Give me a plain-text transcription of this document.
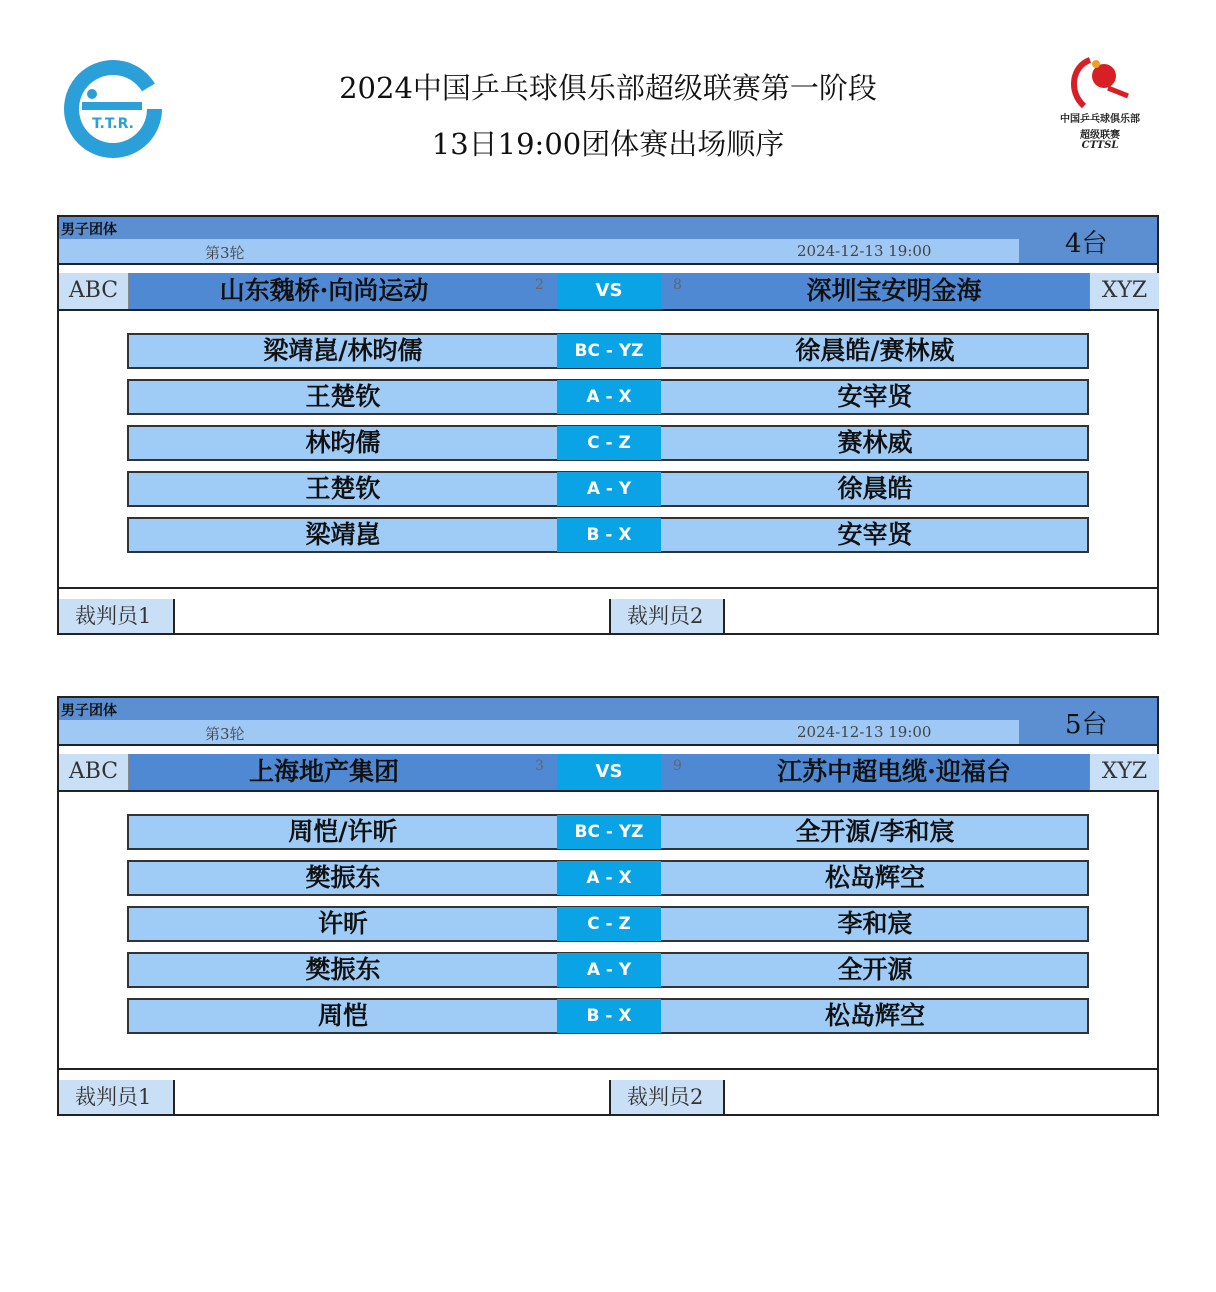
T.T.R.	中国乒乓球俱乐部
超级联赛
CTTSL
2024中国乒乓球俱乐部超级联赛第一阶段
13日19:00团体赛出场顺序
男子团体
第3轮	2024-12-13 19:00	4台
ABC	山东魏桥·向尚运动	2	VS	8	深圳宝安明金海	XYZ
梁靖崑/林昀儒	BC - YZ	徐晨皓/赛林威
王楚钦	A - X	安宰贤
林昀儒	C - Z	赛林威
王楚钦	A - Y	徐晨皓
梁靖崑	B - X	安宰贤
裁判员1	裁判员2
男子团体
第3轮	2024-12-13 19:00	5台
ABC	上海地产集团	3	VS	9	江苏中超电缆·迎福台	XYZ
周恺/许昕	BC - YZ	全开源/李和宸
樊振东	A - X	松岛辉空
许昕	C - Z	李和宸
樊振东	A - Y	全开源
周恺	B - X	松岛辉空
裁判员1	裁判员2
